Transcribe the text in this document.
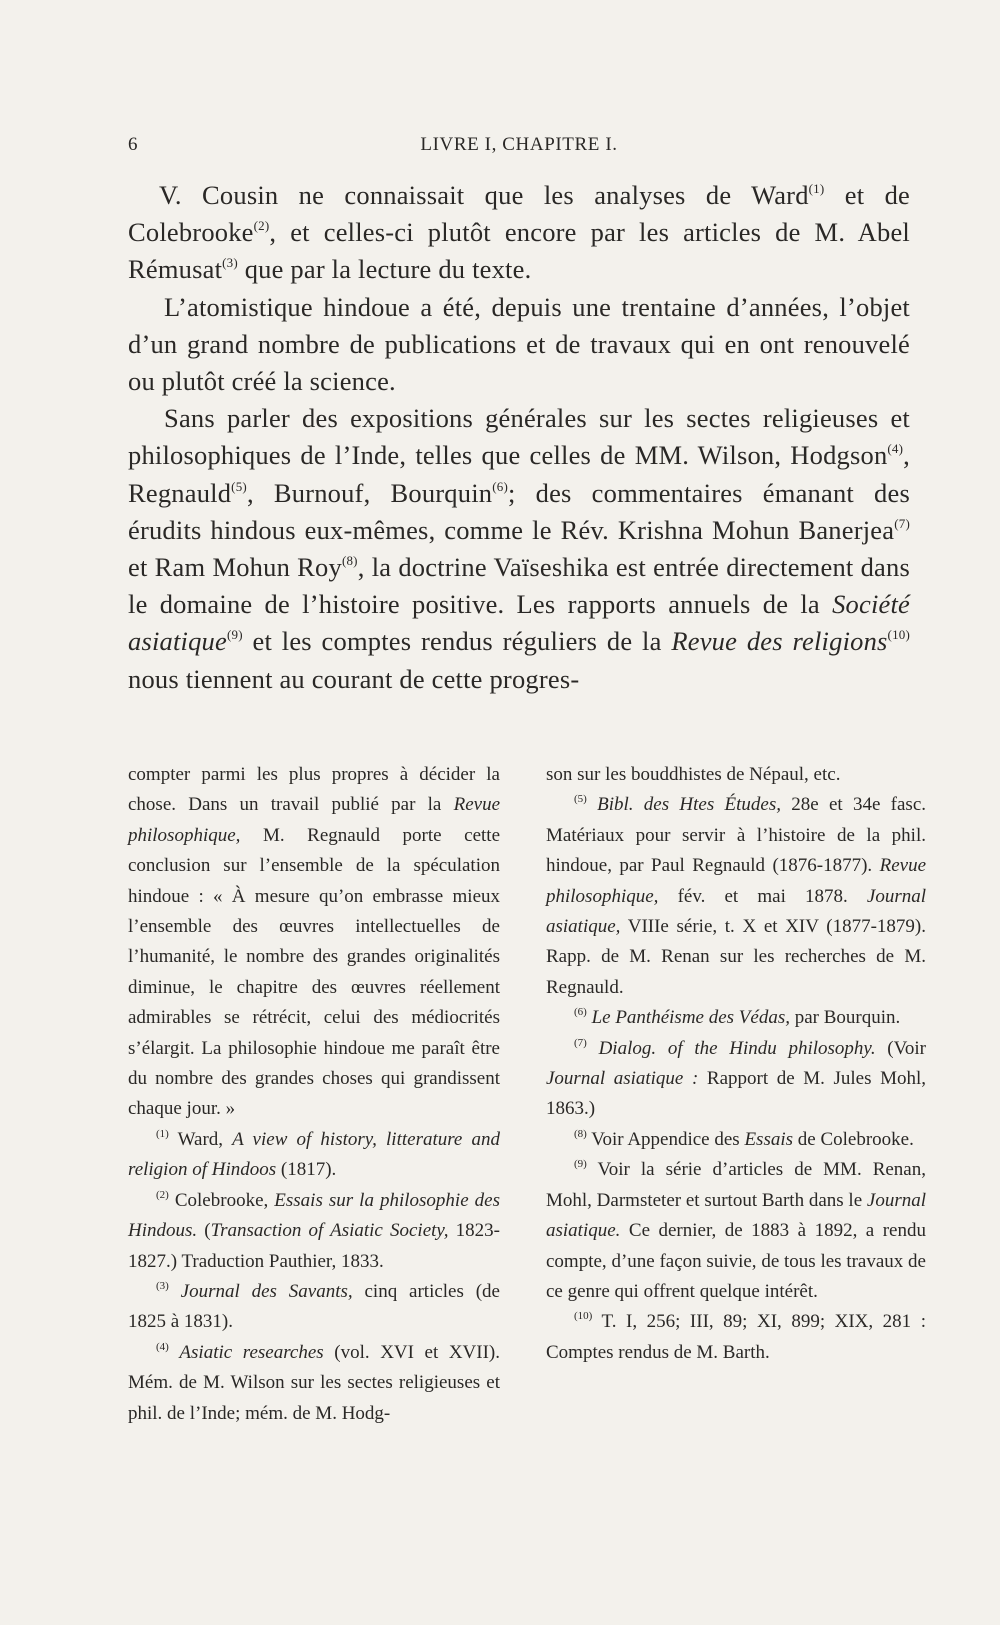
6	LIVRE I, CHAPITRE I.

V. Cousin ne connaissait que les analyses de Ward$^{(1)}$ et de Colebrooke$^{(2)}$, et celles-ci plutôt encore par les articles de M. Abel Rémusat$^{(3)}$ que par la lecture du texte.

L’atomistique hindoue a été, depuis une trentaine d’années, l’objet d’un grand nombre de publications et de travaux qui en ont renouvelé ou plutôt créé la science.

Sans parler des expositions générales sur les sectes religieuses et philosophiques de l’Inde, telles que celles de MM. Wilson, Hodgson$^{(4)}$, Regnauld$^{(5)}$, Burnouf, Bourquin$^{(6)}$; des commentaires émanant des érudits hindous eux-mêmes, comme le Rév. Krishna Mohun Banerjea$^{(7)}$ et Ram Mohun Roy$^{(8)}$, la doctrine Vaïseshika est entrée directement dans le domaine de l’histoire positive. Les rapports annuels de la Société asiatique$^{(9)}$ et les comptes rendus réguliers de la Revue des religions$^{(10)}$ nous tiennent au courant de cette progres-

compter parmi les plus propres à décider la chose. Dans un travail publié par la Revue philosophique, M. Regnauld porte cette conclusion sur l’ensemble de la spéculation hindoue : « À mesure qu’on embrasse mieux l’ensemble des œuvres intellectuelles de l’humanité, le nombre des grandes originalités diminue, le chapitre des œuvres réellement admirables se rétrécit, celui des médiocrités s’élargit. La philosophie hindoue me paraît être du nombre des grandes choses qui grandissent chaque jour. »

$^{(1)}$ Ward, A view of history, litterature and religion of Hindoos (1817).

$^{(2)}$ Colebrooke, Essais sur la philosophie des Hindous. (Transaction of Asiatic Society, 1823-1827.) Traduction Pauthier, 1833.

$^{(3)}$ Journal des Savants, cinq articles (de 1825 à 1831).

$^{(4)}$ Asiatic researches (vol. XVI et XVII). Mém. de M. Wilson sur les sectes religieuses et phil. de l’Inde; mém. de M. Hodg-

son sur les bouddhistes de Népaul, etc.

$^{(5)}$ Bibl. des Htes Études, 28e et 34e fasc. Matériaux pour servir à l’histoire de la phil. hindoue, par Paul Regnauld (1876-1877). Revue philosophique, fév. et mai 1878. Journal asiatique, VIIIe série, t. X et XIV (1877-1879). Rapp. de M. Renan sur les recherches de M. Regnauld.

$^{(6)}$ Le Panthéisme des Védas, par Bourquin.

$^{(7)}$ Dialog. of the Hindu philosophy. (Voir Journal asiatique : Rapport de M. Jules Mohl, 1863.)

$^{(8)}$ Voir Appendice des Essais de Colebrooke.

$^{(9)}$ Voir la série d’articles de MM. Renan, Mohl, Darmsteter et surtout Barth dans le Journal asiatique. Ce dernier, de 1883 à 1892, a rendu compte, d’une façon suivie, de tous les travaux de ce genre qui offrent quelque intérêt.

$^{(10)}$ T. I, 256; III, 89; XI, 899; XIX, 281 : Comptes rendus de M. Barth.
